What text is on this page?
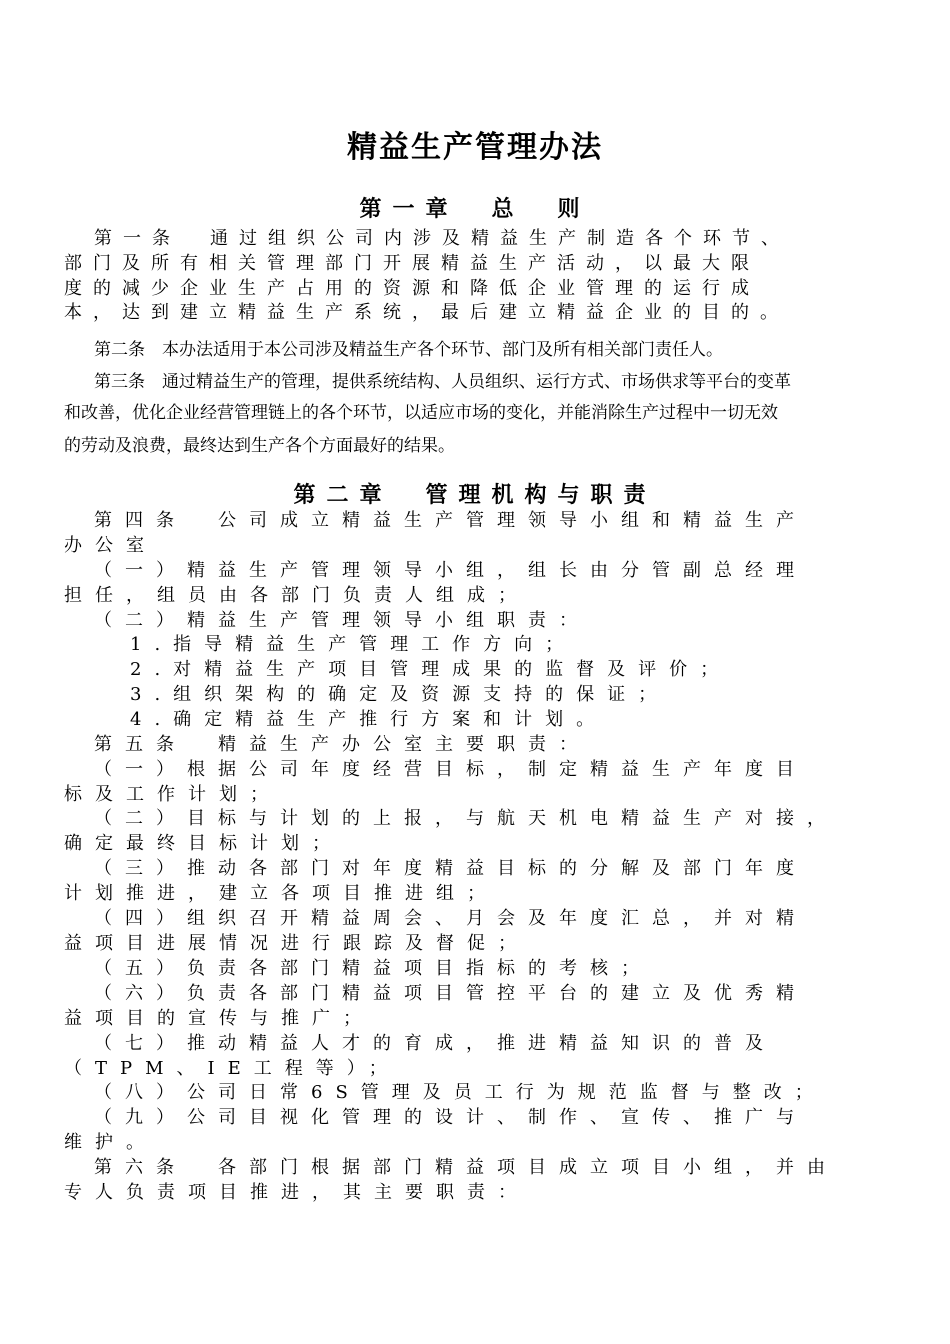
精益生产管理办法
第一章　总　则
第一条　通过组织公司内涉及精益生产制造各个环节、
部门及所有相关管理部门开展精益生产活动，以最大限
度的减少企业生产占用的资源和降低企业管理的运行成
本，达到建立精益生产系统，最后建立精益企业的目的。
第二条　本办法适用于本公司涉及精益生产各个环节、部门及所有相关部门责任人。
第三条　通过精益生产的管理，提供系统结构、人员组织、运行方式、市场供求等平台的变革
和改善，优化企业经营管理链上的各个环节，以适应市场的变化，并能消除生产过程中一切无效
的劳动及浪费，最终达到生产各个方面最好的结果。
第二章　管理机构与职责
第四条　公司成立精益生产管理领导小组和精益生产
办公室
（一）精益生产管理领导小组，组长由分管副总经理
担任，组员由各部门负责人组成；
（二）精益生产管理领导小组职责：
1.指导精益生产管理工作方向；
2.对精益生产项目管理成果的监督及评价；
3.组织架构的确定及资源支持的保证；
4.确定精益生产推行方案和计划。
第五条　精益生产办公室主要职责：
（一）根据公司年度经营目标，制定精益生产年度目
标及工作计划；
（二）目标与计划的上报，与航天机电精益生产对接，
确定最终目标计划；
（三）推动各部门对年度精益目标的分解及部门年度
计划推进，建立各项目推进组；
（四）组织召开精益周会、月会及年度汇总，并对精
益项目进展情况进行跟踪及督促；
（五）负责各部门精益项目指标的考核；
（六）负责各部门精益项目管控平台的建立及优秀精
益项目的宣传与推广；
（七）推动精益人才的育成，推进精益知识的普及
（TPM、IE工程等）；
（八）公司日常6S管理及员工行为规范监督与整改；
（九）公司目视化管理的设计、制作、宣传、推广与
维护。
第六条　各部门根据部门精益项目成立项目小组，并由
专人负责项目推进，其主要职责：
